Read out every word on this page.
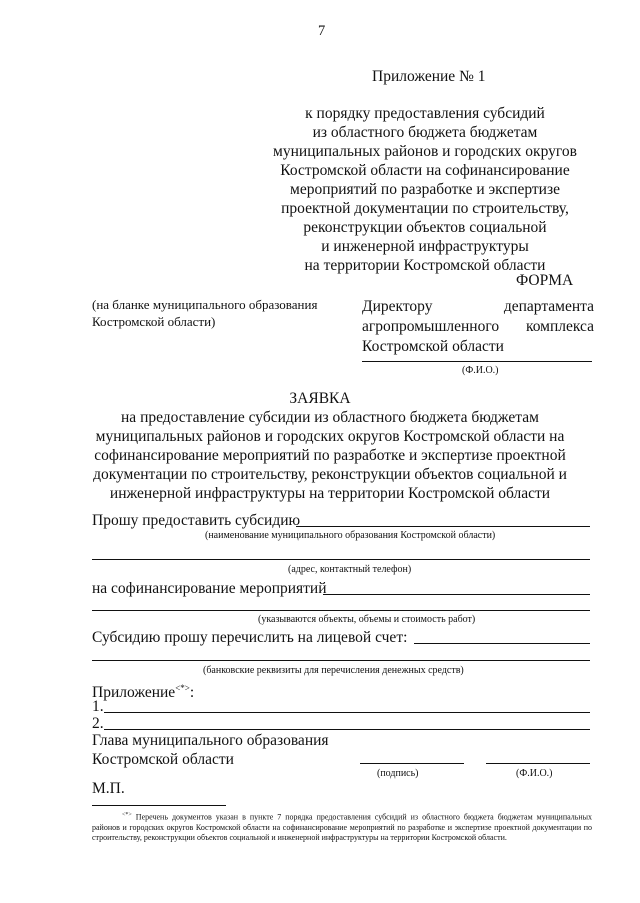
7
Приложение № 1
к порядку предоставления субсидий
из областного бюджета бюджетам
муниципальных районов и городских округов
Костромской области на софинансирование
мероприятий по разработке и экспертизе
проектной документации по строительству,
реконструкции объектов социальной
и инженерной инфраструктуры
на территории Костромской области
ФОРМА
(на бланке муниципального образования
Костромской области)
Директору	департамента
агропромышленного комплекса
Костромской области
(Ф.И.О.)
ЗАЯВКА
на предоставление субсидии из областного бюджета бюджетам
муниципальных районов и городских округов Костромской области на
софинансирование мероприятий по разработке и экспертизе проектной
документации по строительству, реконструкции объектов социальной и
инженерной инфраструктуры на территории Костромской области
Прошу предоставить субсидию
(наименование муниципального образования Костромской области)
(адрес, контактный телефон)
на софинансирование мероприятий
(указываются объекты, объемы и стоимость работ)
Субсидию прошу перечислить на лицевой счет:
(банковские реквизиты для перечисления денежных средств)
Приложение<*>:
1.
2.
Глава муниципального образования
Костромской области
(подпись)	(Ф.И.О.)
М.П.
<*> Перечень документов указан в пункте 7 порядка предоставления субсидий из областного бюджета бюджетам муниципальных районов и городских округов Костромской области на софинансирование мероприятий по разработке и экспертизе проектной документации по строительству, реконструкции объектов социальной и инженерной инфраструктуры на территории Костромской области.
